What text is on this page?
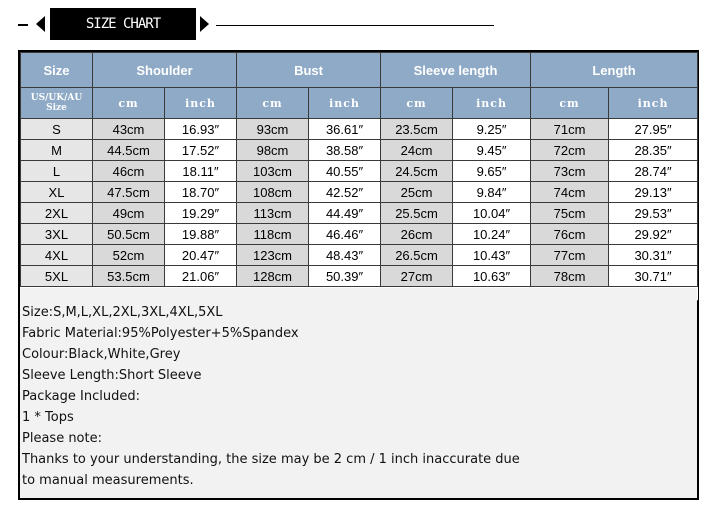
SIZE CHART
Size	Shoulder		Bust		Sleeve length		Length	

US/UK/AU
Size	cm	inch	cm	inch	cm	inch	cm	inch
S	43cm	16.93″	93cm	36.61″	23.5cm	9.25″	71cm	27.95″
M	44.5cm	17.52″	98cm	38.58″	24cm	9.45″	72cm	28.35″
L	46cm	18.11″	103cm	40.55″	24.5cm	9.65″	73cm	28.74″
XL	47.5cm	18.70″	108cm	42.52″	25cm	9.84″	74cm	29.13″
2XL	49cm	19.29″	113cm	44.49″	25.5cm	10.04″	75cm	29.53″
3XL	50.5cm	19.88″	118cm	46.46″	26cm	10.24″	76cm	29.92″
4XL	52cm	20.47″	123cm	48.43″	26.5cm	10.43″	77cm	30.31″
5XL	53.5cm	21.06″	128cm	50.39″	27cm	10.63″	78cm	30.71″

Size:S,M,L,XL,2XL,3XL,4XL,5XL
Fabric Material:95%Polyester+5%Spandex
Colour:Black,White,Grey
Sleeve Length:Short Sleeve
Package Included:
1 * Tops
Please note:
Thanks to your understanding, the size may be 2 cm / 1 inch inaccurate due
to manual measurements.
